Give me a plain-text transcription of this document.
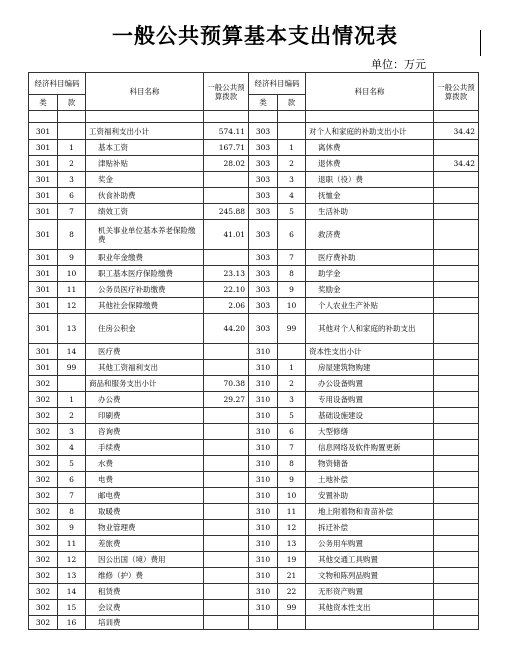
一般公共预算基本支出情况表
单位：万元
经济科目编码		科目名称	一般公共预算拨款	经济科目编码		科目名称	一般公共预算拨款
类	款			类	款		

301		工资福利支出小计	574.11	303		对个人和家庭的补助支出小计	34.42
301	1	基本工资	167.71	303	1	离休费	
301	2	津贴补贴	28.02	303	2	退休费	34.42
301	3	奖金		303	3	退职（役）费	
301	6	伙食补助费		303	4	抚恤金	
301	7	绩效工资	245.88	303	5	生活补助	
301	8	机关事业单位基本养老保险缴费	41.01	303	6	救济费	
301	9	职业年金缴费		303	7	医疗费补助	
301	10	职工基本医疗保险缴费	23.13	303	8	助学金	
301	11	公务员医疗补助缴费	22.10	303	9	奖励金	
301	12	其他社会保障缴费	2.06	303	10	个人农业生产补贴	
301	13	住房公积金	44.20	303	99	其他对个人和家庭的补助支出	
301	14	医疗费		310		资本性支出小计	
301	99	其他工资福利支出		310	1	房屋建筑物购建	
302		商品和服务支出小计	70.38	310	2	办公设备购置	
302	1	办公费	29.27	310	3	专用设备购置	
302	2	印刷费		310	5	基础设施建设	
302	3	咨询费		310	6	大型修缮	
302	4	手续费		310	7	信息网络及软件购置更新	
302	5	水费		310	8	物资储备	
302	6	电费		310	9	土地补偿	
302	7	邮电费		310	10	安置补助	
302	8	取暖费		310	11	地上附着物和青苗补偿	
302	9	物业管理费		310	12	拆迁补偿	
302	11	差旅费		310	13	公务用车购置	
302	12	因公出国（境）费用		310	19	其他交通工具购置	
302	13	维修（护）费		310	21	文物和陈列品购置	
302	14	租赁费		310	22	无形资产购置	
302	15	会议费		310	99	其他资本性支出	
302	16	培训费					
